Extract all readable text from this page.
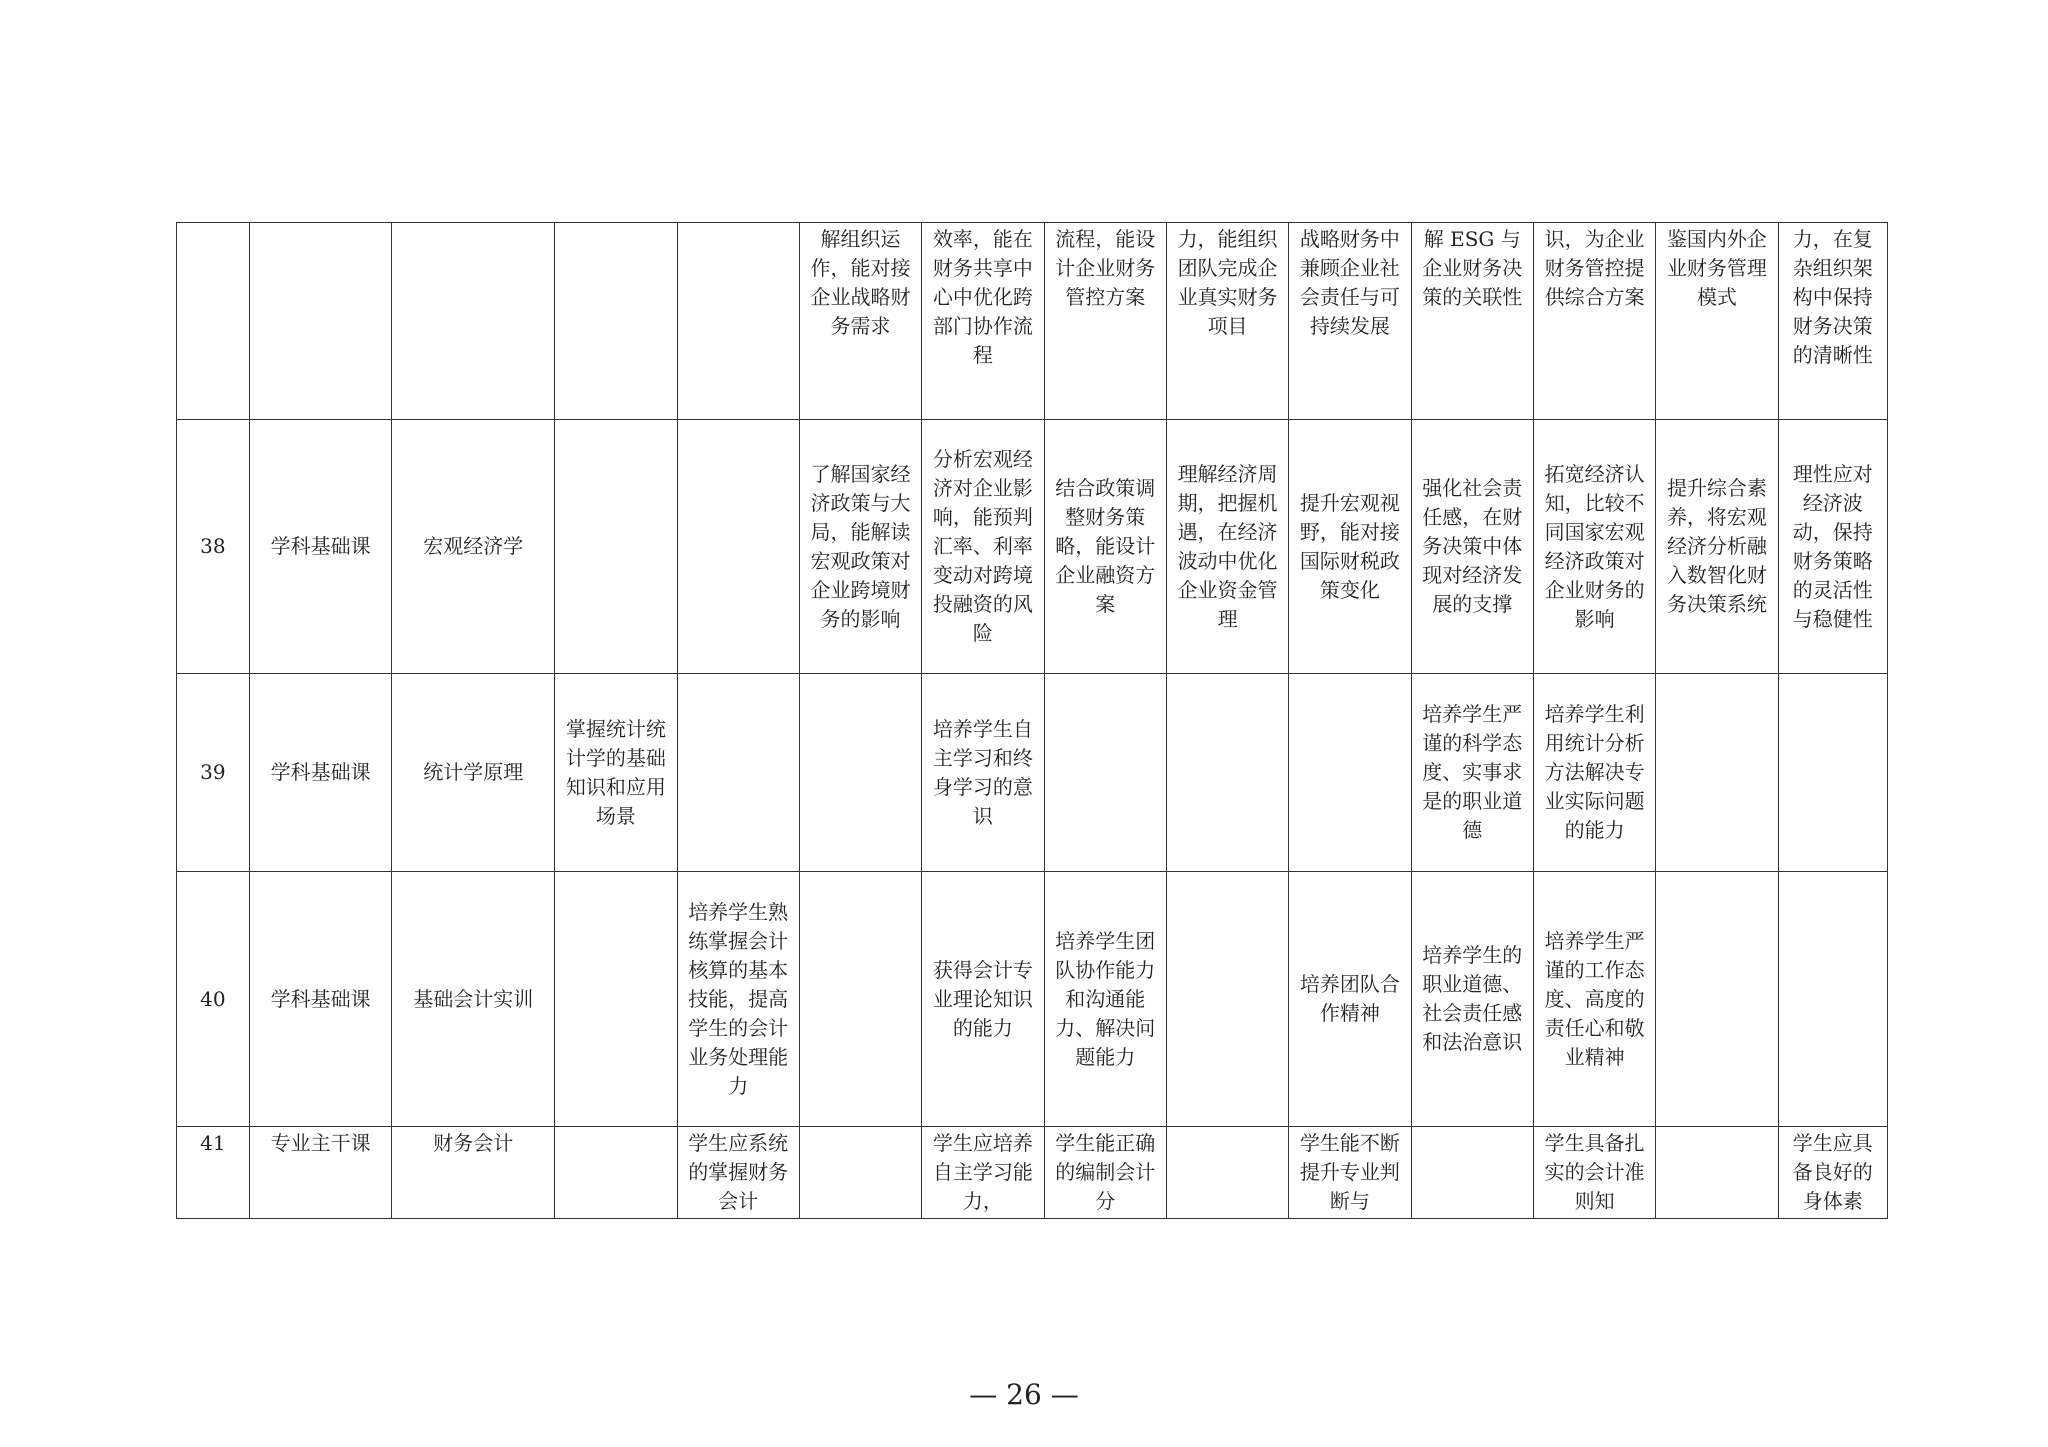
					解组织运作，能对接企业战略财务需求	效率，能在财务共享中心中优化跨部门协作流程	流程，能设计企业财务管控方案	力，能组织团队完成企业真实财务项目	战略财务中兼顾企业社会责任与可持续发展	解 ESG 与企业财务决策的关联性	识，为企业财务管控提供综合方案	鉴国内外企业财务管理模式	力，在复杂组织架构中保持财务决策的清晰性
38	学科基础课	宏观经济学			了解国家经济政策与大局，能解读宏观政策对企业跨境财务的影响	分析宏观经济对企业影响，能预判汇率、利率变动对跨境投融资的风险	结合政策调整财务策略，能设计企业融资方案	理解经济周期，把握机遇，在经济波动中优化企业资金管理	提升宏观视野，能对接国际财税政策变化	强化社会责任感，在财务决策中体现对经济发展的支撑	拓宽经济认知，比较不同国家宏观经济政策对企业财务的影响	提升综合素养，将宏观经济分析融入数智化财务决策系统	理性应对经济波动，保持财务策略的灵活性与稳健性
39	学科基础课	统计学原理	掌握统计统计学的基础知识和应用场景			培养学生自主学习和终身学习的意识				培养学生严谨的科学态度、实事求是的职业道德	培养学生利用统计分析方法解决专业实际问题的能力		
40	学科基础课	基础会计实训		培养学生熟练掌握会计核算的基本技能，提高学生的会计业务处理能力		获得会计专业理论知识的能力	培养学生团队协作能力和沟通能力、解决问题能力		培养团队合作精神	培养学生的职业道德、社会责任感和法治意识	培养学生严谨的工作态度、高度的责任心和敬业精神		
41	专业主干课	财务会计		学生应系统的掌握财务会计		学生应培养自主学习能力，	学生能正确的编制会计分		学生能不断提升专业判断与		学生具备扎实的会计准则知		学生应具备良好的身体素
— 26 —
